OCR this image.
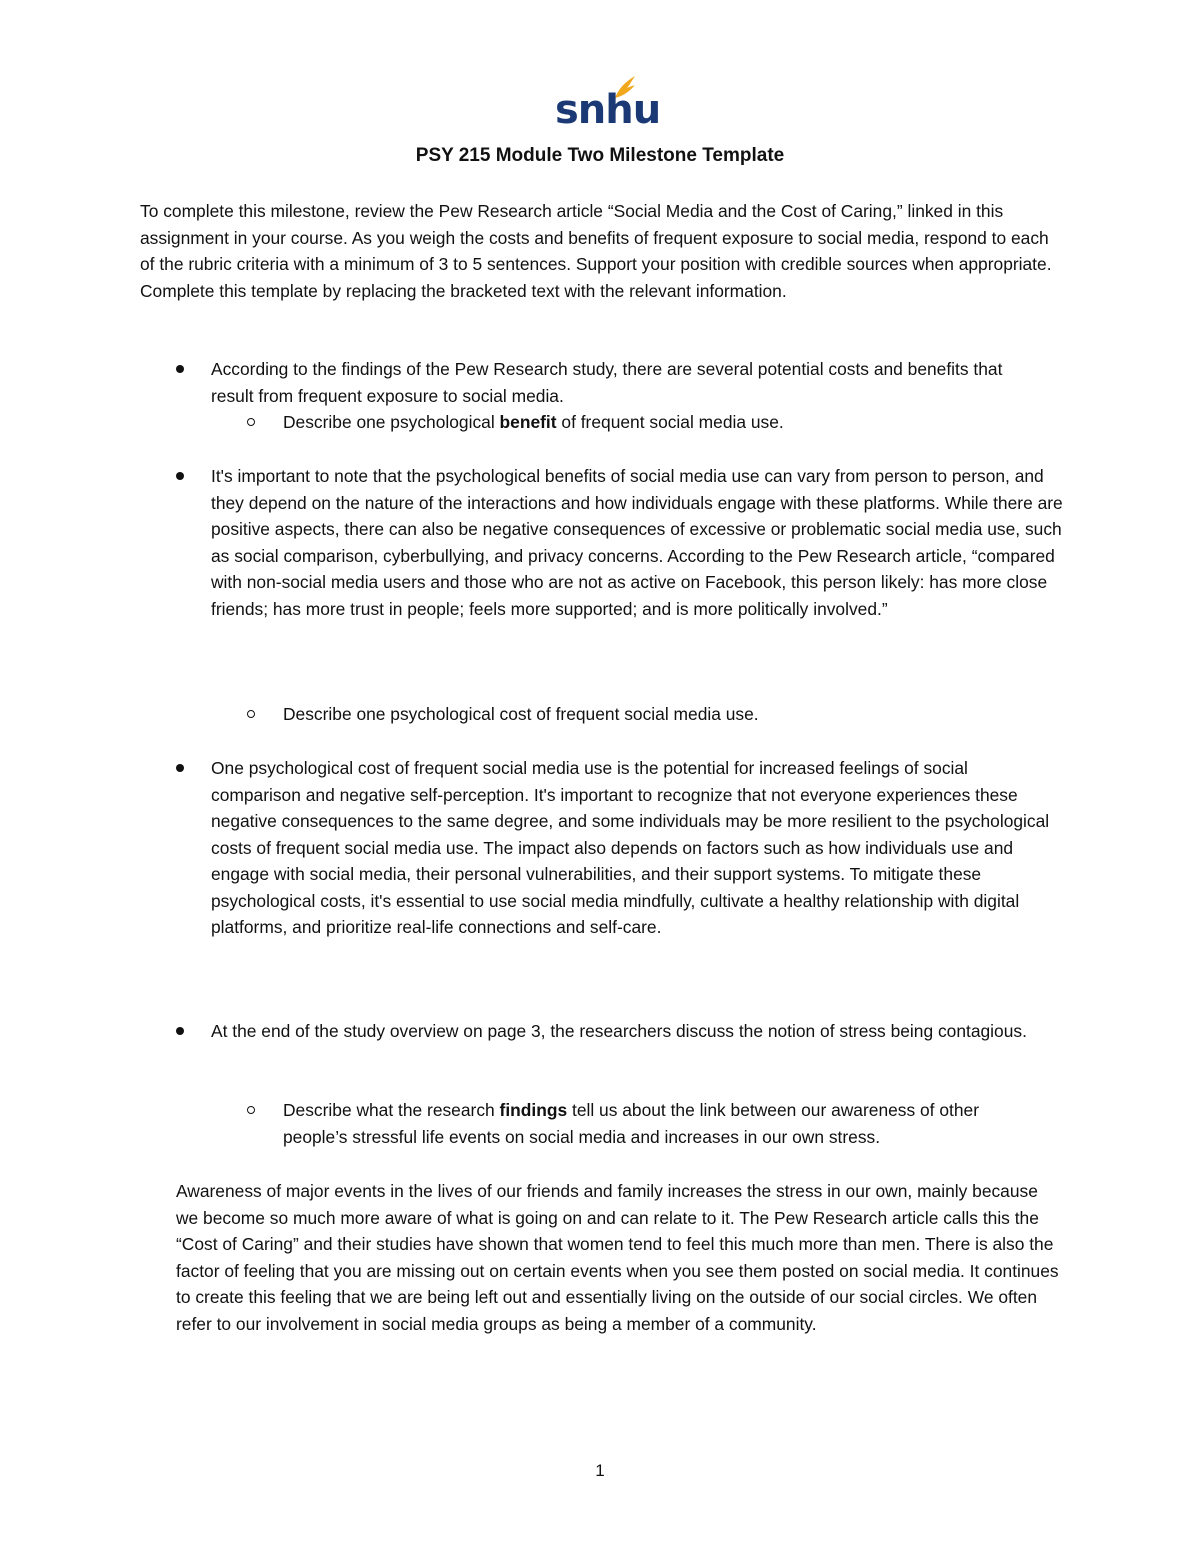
snhu
PSY 215 Module Two Milestone Template

To complete this milestone, review the Pew Research article “Social Media and the Cost of Caring,” linked in this assignment in your course. As you weigh the costs and benefits of frequent exposure to social media, respond to each of the rubric criteria with a minimum of 3 to 5 sentences. Support your position with credible sources when appropriate. Complete this template by replacing the bracketed text with the relevant information.

According to the findings of the Pew Research study, there are several potential costs and benefits that result from frequent exposure to social media.

Describe one psychological benefit of frequent social media use.

It's important to note that the psychological benefits of social media use can vary from person to person, and they depend on the nature of the interactions and how individuals engage with these platforms. While there are positive aspects, there can also be negative consequences of excessive or problematic social media use, such as social comparison, cyberbullying, and privacy concerns. According to the Pew Research article, “compared with non-social media users and those who are not as active on Facebook, this person likely: has more close friends; has more trust in people; feels more supported; and is more politically involved.”

Describe one psychological cost of frequent social media use.

One psychological cost of frequent social media use is the potential for increased feelings of social comparison and negative self-perception. It's important to recognize that not everyone experiences these negative consequences to the same degree, and some individuals may be more resilient to the psychological costs of frequent social media use. The impact also depends on factors such as how individuals use and engage with social media, their personal vulnerabilities, and their support systems. To mitigate these psychological costs, it's essential to use social media mindfully, cultivate a healthy relationship with digital platforms, and prioritize real-life connections and self-care.

At the end of the study overview on page 3, the researchers discuss the notion of stress being contagious.

Describe what the research findings tell us about the link between our awareness of other people’s stressful life events on social media and increases in our own stress.

Awareness of major events in the lives of our friends and family increases the stress in our own, mainly because we become so much more aware of what is going on and can relate to it. The Pew Research article calls this the “Cost of Caring” and their studies have shown that women tend to feel this much more than men. There is also the factor of feeling that you are missing out on certain events when you see them posted on social media. It continues to create this feeling that we are being left out and essentially living on the outside of our social circles. We often refer to our involvement in social media groups as being a member of a community.

1
